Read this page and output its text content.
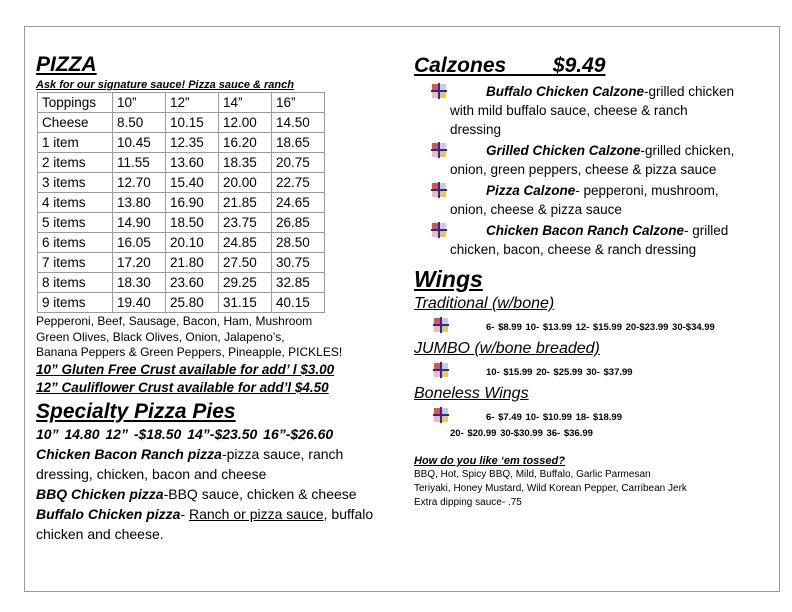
PIZZA
Ask for our signature sauce! Pizza sauce & ranch
Toppings	10”	12”	14”	16”
Cheese	8.50	10.15	12.00	14.50
1 item	10.45	12.35	16.20	18.65
2 items	11.55	13.60	18.35	20.75
3 items	12.70	15.40	20.00	22.75
4 items	13.80	16.90	21.85	24.65
5 items	14.90	18.50	23.75	26.85
6 items	16.05	20.10	24.85	28.50
7 items	17.20	21.80	27.50	30.75
8 items	18.30	23.60	29.25	32.85
9 items	19.40	25.80	31.15	40.15
Pepperoni, Beef, Sausage, Bacon, Ham, Mushroom
Green Olives, Black Olives, Onion, Jalapeno’s,
Banana Peppers & Green Peppers, Pineapple, PICKLES!
10” Gluten Free Crust available for add’ l $3.00
12” Cauliflower Crust available for add’l $4.50
Specialty Pizza Pies
10” 14.80 12” -$18.50 14”-$23.50 16”-$26.60
Chicken Bacon Ranch pizza-pizza sauce, ranch
dressing, chicken, bacon and cheese
BBQ Chicken pizza-BBQ sauce, chicken & cheese
Buffalo Chicken pizza- Ranch or pizza sauce, buffalo
chicken and cheese.
Calzones $9.49
Buffalo Chicken Calzone-grilled chicken
with mild buffalo sauce, cheese & ranch
dressing
Grilled Chicken Calzone-grilled chicken,
onion, green peppers, cheese & pizza sauce
Pizza Calzone- pepperoni, mushroom,
onion, cheese & pizza sauce
Chicken Bacon Ranch Calzone- grilled
chicken, bacon, cheese & ranch dressing
Wings
Traditional (w/bone)
6- $8.99 10- $13.99 12- $15.99 20-$23.99 30-$34.99
JUMBO (w/bone breaded)
10- $15.99 20- $25.99 30- $37.99
Boneless Wings
6- $7.49 10- $10.99 18- $18.99
20- $20.99 30-$30.99 36- $36.99
How do you like ‘em tossed?
BBQ, Hot, Spicy BBQ, Mild, Buffalo, Garlic Parmesan
Teriyaki, Honey Mustard, Wild Korean Pepper, Carribean Jerk
Extra dipping sauce- .75
